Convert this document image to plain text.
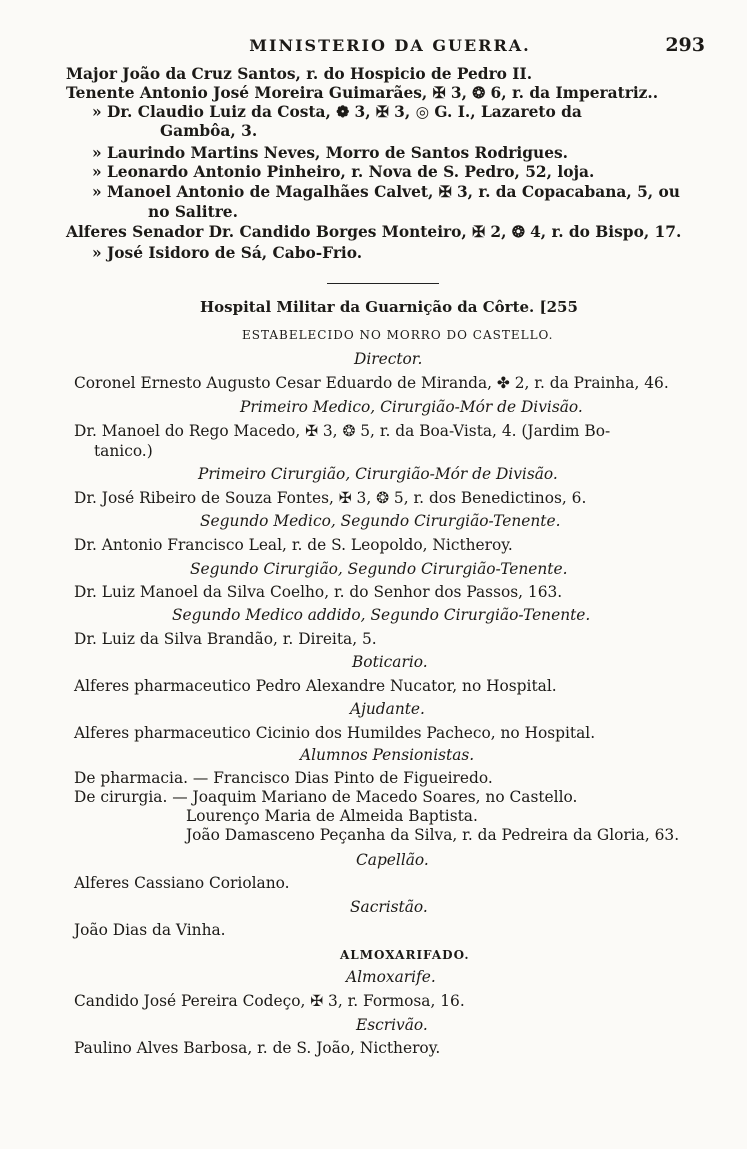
MINISTERIO DA GUERRA.	293
Major João da Cruz Santos, r. do Hospicio de Pedro II.
Tenente Antonio José Moreira Guimarães, ✠ 3, ❂ 6, r. da Imperatriz..
» Dr. Claudio Luiz da Costa, ❁ 3, ✠ 3, ◎ G. I., Lazareto da
Gambôa, 3.
» Laurindo Martins Neves, Morro de Santos Rodrigues.
» Leonardo Antonio Pinheiro, r. Nova de S. Pedro, 52, loja.
» Manoel Antonio de Magalhães Calvet, ✠ 3, r. da Copacabana, 5, ou
no Salitre.
Alferes Senador Dr. Candido Borges Monteiro, ✠ 2, ❂ 4, r. do Bispo, 17.
» José Isidoro de Sá, Cabo-Frio.
Hospital Militar da Guarnição da Côrte. [255
ESTABELECIDO NO MORRO DO CASTELLO.
Director.
Coronel Ernesto Augusto Cesar Eduardo de Miranda, ✤ 2, r. da Prainha, 46.
Primeiro Medico, Cirurgião-Mór de Divisão.
Dr. Manoel do Rego Macedo, ✠ 3, ❂ 5, r. da Boa-Vista, 4. (Jardim Bo-
tanico.)
Primeiro Cirurgião, Cirurgião-Mór de Divisão.
Dr. José Ribeiro de Souza Fontes, ✠ 3, ❂ 5, r. dos Benedictinos, 6.
Segundo Medico, Segundo Cirurgião-Tenente.
Dr. Antonio Francisco Leal, r. de S. Leopoldo, Nictheroy.
Segundo Cirurgião, Segundo Cirurgião-Tenente.
Dr. Luiz Manoel da Silva Coelho, r. do Senhor dos Passos, 163.
Segundo Medico addido, Segundo Cirurgião-Tenente.
Dr. Luiz da Silva Brandão, r. Direita, 5.
Boticario.
Alferes pharmaceutico Pedro Alexandre Nucator, no Hospital.
Ajudante.
Alferes pharmaceutico Cicinio dos Humildes Pacheco, no Hospital.
Alumnos Pensionistas.
De pharmacia. — Francisco Dias Pinto de Figueiredo.
De cirurgia. — Joaquim Mariano de Macedo Soares, no Castello.
Lourenço Maria de Almeida Baptista.
João Damasceno Peçanha da Silva, r. da Pedreira da Gloria, 63.
Capellão.
Alferes Cassiano Coriolano.
Sacristão.
João Dias da Vinha.
ALMOXARIFADO.
Almoxarife.
Candido José Pereira Codeço, ✠ 3, r. Formosa, 16.
Escrivão.
Paulino Alves Barbosa, r. de S. João, Nictheroy.
